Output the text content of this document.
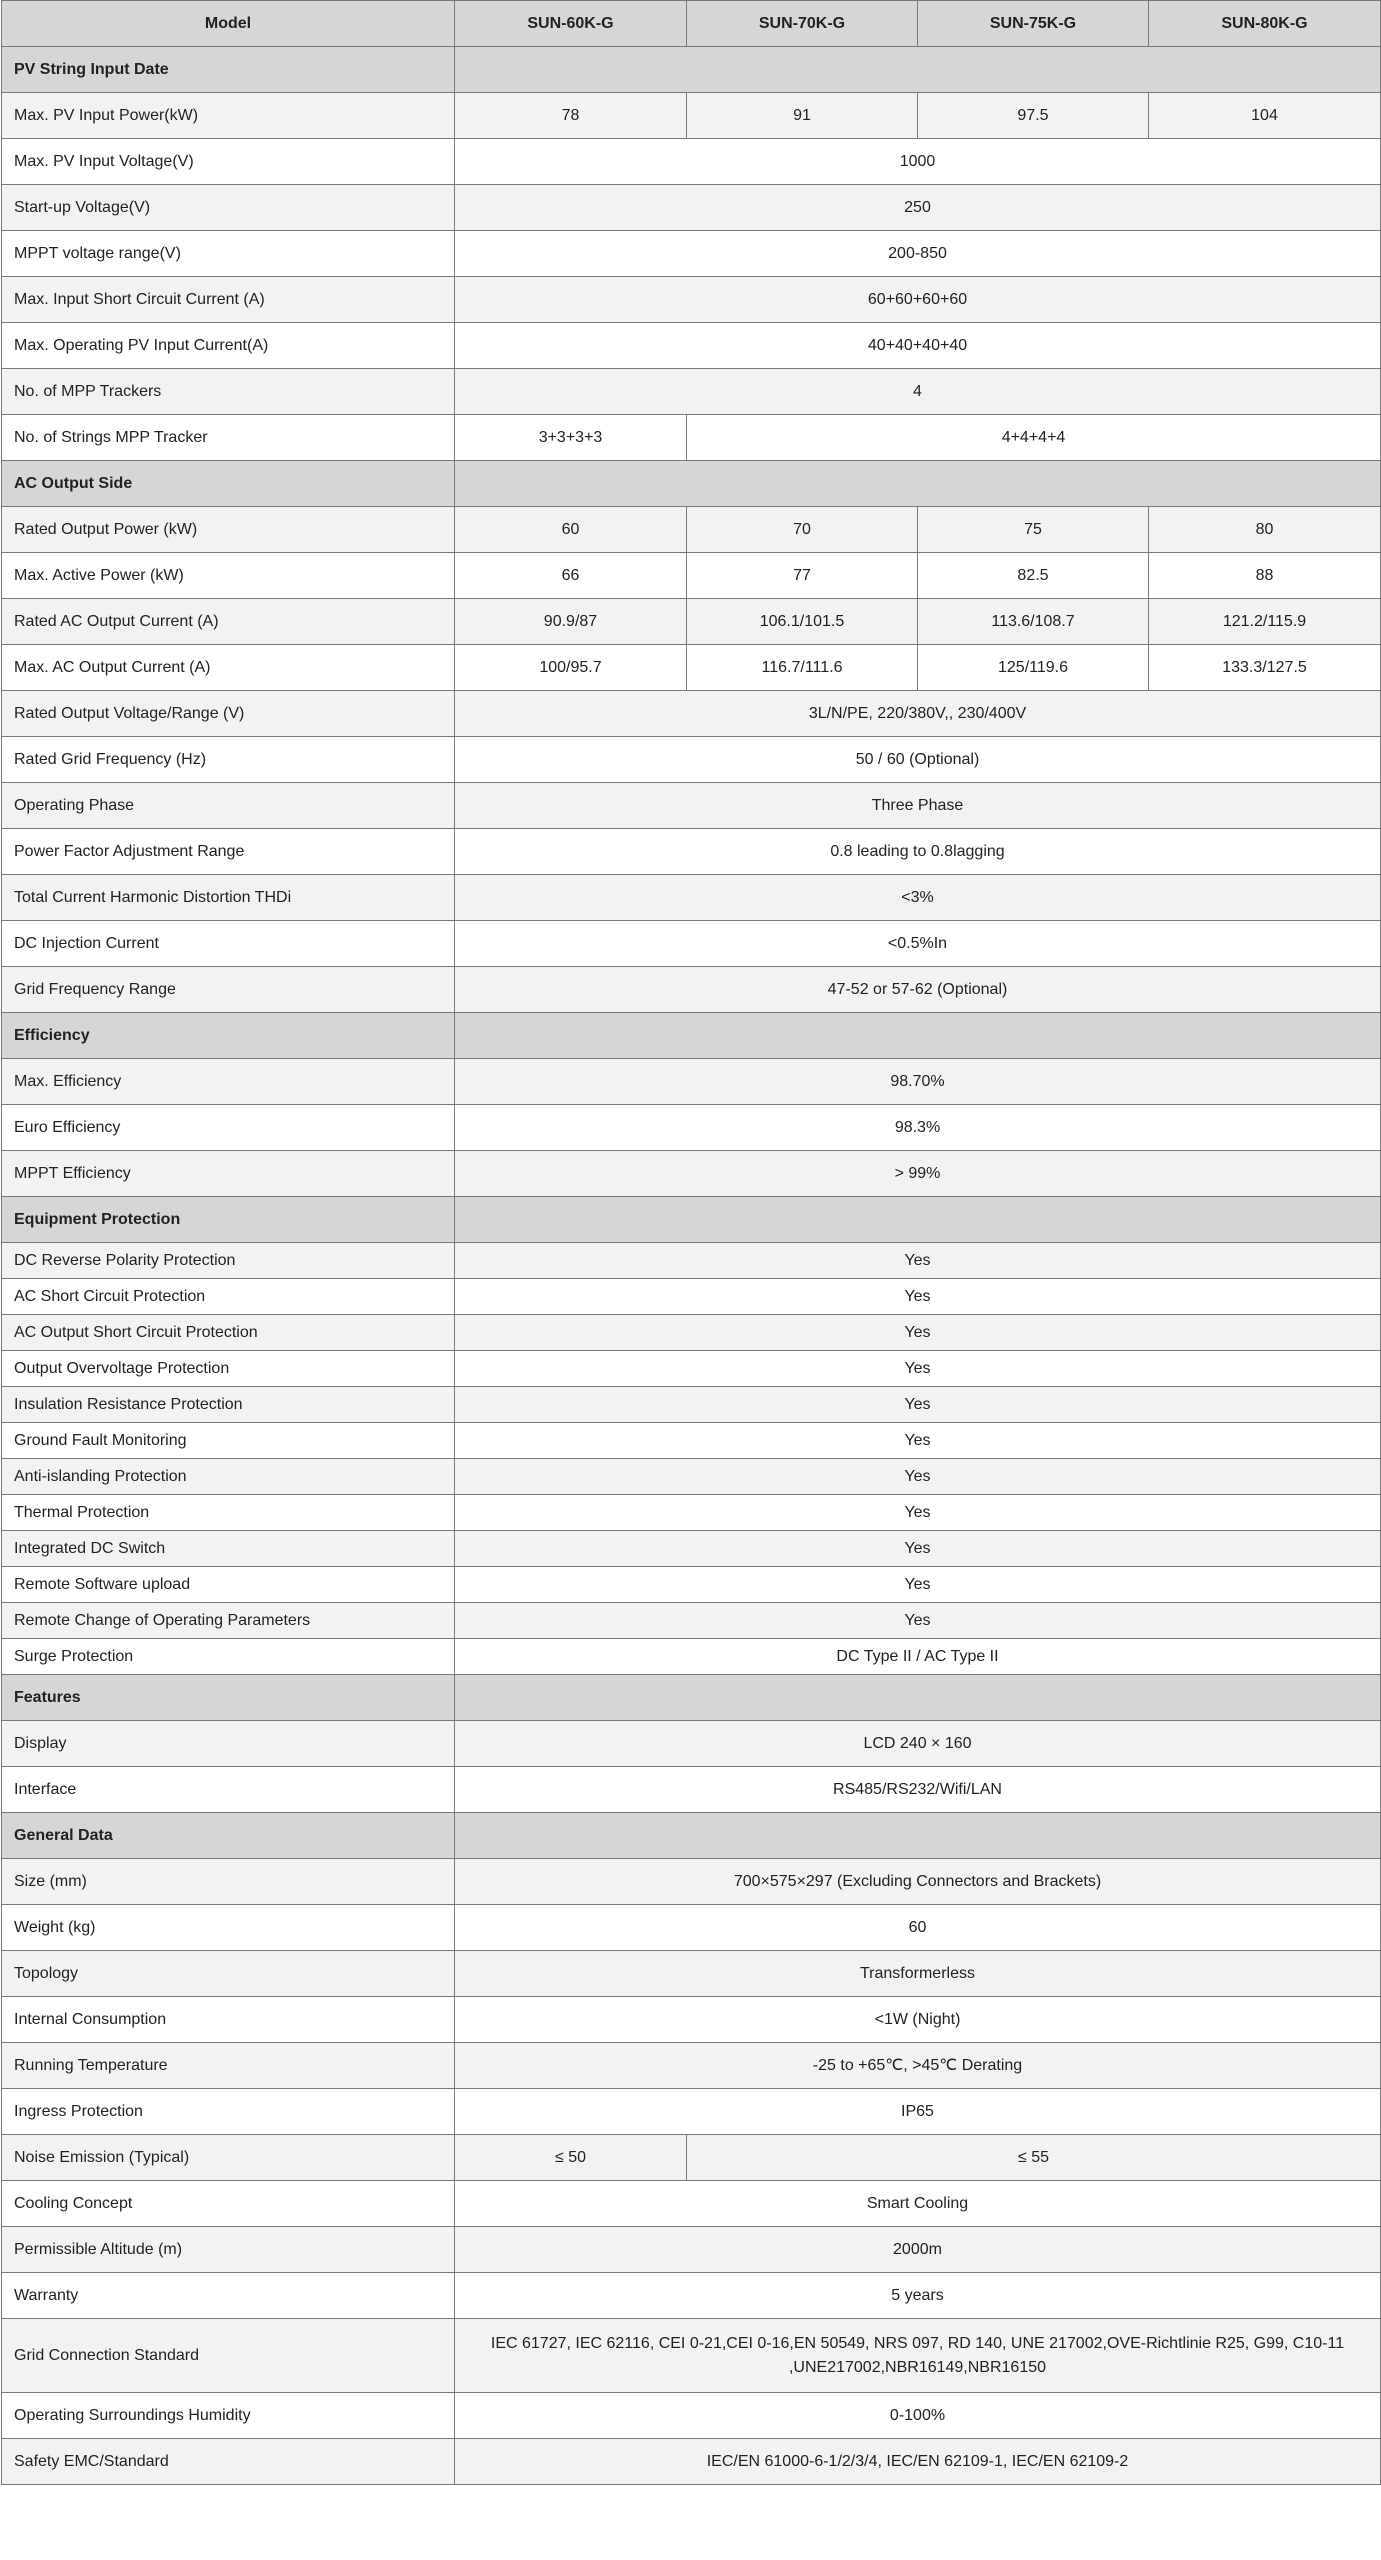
Model	SUN-60K-G	SUN-70K-G	SUN-75K-G	SUN-80K-G
PV String Input Date				
Max. PV Input Power(kW)	78	91	97.5	104
Max. PV Input Voltage(V)	1000			
Start-up Voltage(V)	250			
MPPT voltage range(V)	200-850			
Max. Input Short Circuit Current (A)	60+60+60+60			
Max. Operating PV Input Current(A)	40+40+40+40			
No. of MPP Trackers	4			
No. of Strings MPP Tracker	3+3+3+3	4+4+4+4		
AC Output Side				
Rated Output Power (kW)	60	70	75	80
Max. Active Power (kW)	66	77	82.5	88
Rated AC Output Current (A)	90.9/87	106.1/101.5	113.6/108.7	121.2/115.9
Max. AC Output Current (A)	100/95.7	116.7/111.6	125/119.6	133.3/127.5
Rated Output Voltage/Range (V)	3L/N/PE, 220/380V,, 230/400V			
Rated Grid Frequency (Hz)	50 / 60 (Optional)			
Operating Phase	Three Phase			
Power Factor Adjustment Range	0.8 leading to 0.8lagging			
Total Current Harmonic Distortion THDi	<3%			
DC Injection Current	<0.5%In			
Grid Frequency Range	47-52 or 57-62 (Optional)			
Efficiency				
Max. Efficiency	98.70%			
Euro Efficiency	98.3%			
MPPT Efficiency	> 99%			
Equipment Protection				
DC Reverse Polarity Protection	Yes			
AC Short Circuit Protection	Yes			
AC Output Short Circuit Protection	Yes			
Output Overvoltage Protection	Yes			
Insulation Resistance Protection	Yes			
Ground Fault Monitoring	Yes			
Anti-islanding Protection	Yes			
Thermal Protection	Yes			
Integrated DC Switch	Yes			
Remote Software upload	Yes			
Remote Change of Operating Parameters	Yes			
Surge Protection	DC Type II / AC Type II			
Features				
Display	LCD 240 × 160			
Interface	RS485/RS232/Wifi/LAN			
General Data				
Size (mm)	700×575×297 (Excluding Connectors and Brackets)			
Weight (kg)	60			
Topology	Transformerless			
Internal Consumption	<1W (Night)			
Running Temperature	-25 to +65℃, >45℃ Derating			
Ingress Protection	IP65			
Noise Emission (Typical)	≤ 50	≤ 55		
Cooling Concept	Smart Cooling			
Permissible Altitude (m)	2000m			
Warranty	5 years			
Grid Connection Standard	IEC 61727, IEC 62116, CEI 0-21,CEI 0-16,EN 50549, NRS 097, RD 140, UNE 217002,OVE-Richtlinie R25, G99, C10-11 ,UNE217002,NBR16149,NBR16150			
Operating Surroundings Humidity	0-100%			
Safety EMC/Standard	IEC/EN 61000-6-1/2/3/4, IEC/EN 62109-1, IEC/EN 62109-2			
